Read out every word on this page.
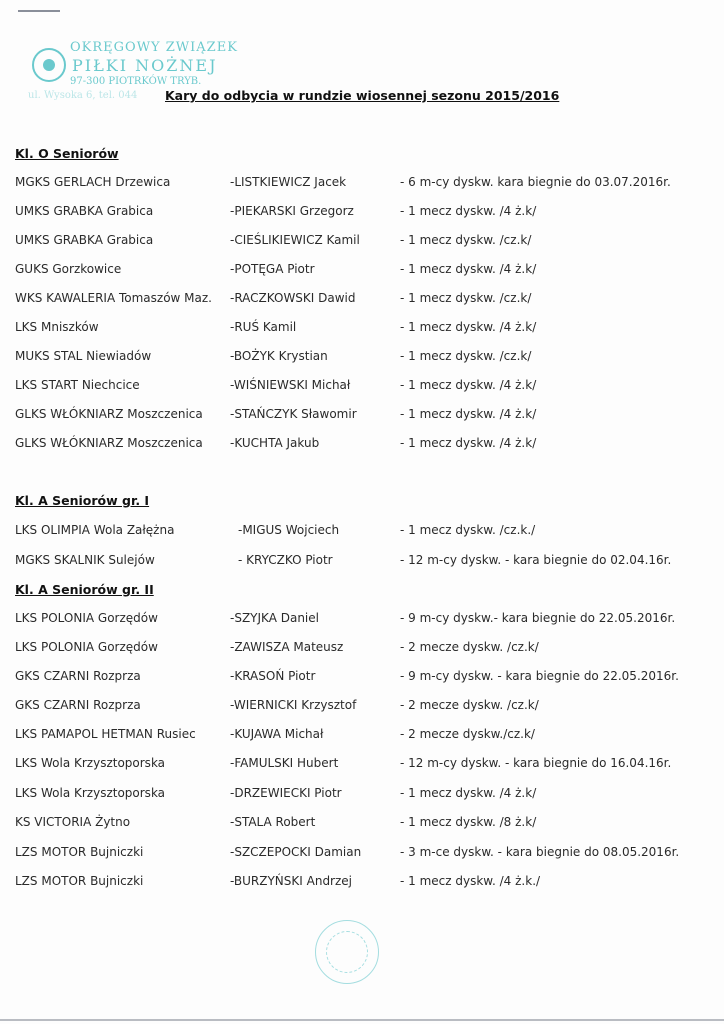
OKRĘGOWY ZWIĄZEK
PIŁKI NOŻNEJ
97-300 PIOTRKÓW TRYB.
ul. Wysoka 6, tel. 044 Kary do odbycia w rundzie wiosennej sezonu 2015/2016
Kl. O Seniorów
MGKS GERLACH Drzewica	-LISTKIEWICZ Jacek	- 6 m-cy dyskw. kara biegnie do 03.07.2016r.
UMKS GRABKA Grabica	-PIEKARSKI Grzegorz	- 1 mecz dyskw. /4 ż.k/
UMKS GRABKA Grabica	-CIEŚLIKIEWICZ Kamil	- 1 mecz dyskw. /cz.k/
GUKS Gorzkowice	-POTĘGA Piotr	- 1 mecz dyskw. /4 ż.k/
WKS KAWALERIA Tomaszów Maz. -RACZKOWSKI Dawid	- 1 mecz dyskw. /cz.k/
LKS Mniszków	-RUŚ Kamil	- 1 mecz dyskw. /4 ż.k/
MUKS STAL Niewiadów	-BOŻYK Krystian	- 1 mecz dyskw. /cz.k/
LKS START Niechcice	-WIŚNIEWSKI Michał	- 1 mecz dyskw. /4 ż.k/
GLKS WŁÓKNIARZ Moszczenica -STAŃCZYK Sławomir	- 1 mecz dyskw. /4 ż.k/
GLKS WŁÓKNIARZ Moszczenica -KUCHTA Jakub	- 1 mecz dyskw. /4 ż.k/
Kl. A Seniorów gr. I
LKS OLIMPIA Wola Załężna	-MIGUS Wojciech	- 1 mecz dyskw. /cz.k./
MGKS SKALNIK Sulejów	- KRYCZKO Piotr	- 12 m-cy dyskw. - kara biegnie do 02.04.16r.
Kl. A Seniorów gr. II
LKS POLONIA Gorzędów	-SZYJKA Daniel	- 9 m-cy dyskw.- kara biegnie do 22.05.2016r.
LKS POLONIA Gorzędów	-ZAWISZA Mateusz	- 2 mecze dyskw. /cz.k/
GKS CZARNI Rozprza	-KRASOŃ Piotr	- 9 m-cy dyskw. - kara biegnie do 22.05.2016r.
GKS CZARNI Rozprza	-WIERNICKI Krzysztof	- 2 mecze dyskw. /cz.k/
LKS PAMAPOL HETMAN Rusiec	-KUJAWA Michał	- 2 mecze dyskw./cz.k/
LKS Wola Krzysztoporska	-FAMULSKI Hubert	- 12 m-cy dyskw. - kara biegnie do 16.04.16r.
LKS Wola Krzysztoporska	-DRZEWIECKI Piotr	- 1 mecz dyskw. /4 ż.k/
KS VICTORIA Żytno	-STALA Robert	- 1 mecz dyskw. /8 ż.k/
LZS MOTOR Bujniczki	-SZCZEPOCKI Damian	- 3 m-ce dyskw. - kara biegnie do 08.05.2016r.
LZS MOTOR Bujniczki	-BURZYŃSKI Andrzej	- 1 mecz dyskw. /4 ż.k./
